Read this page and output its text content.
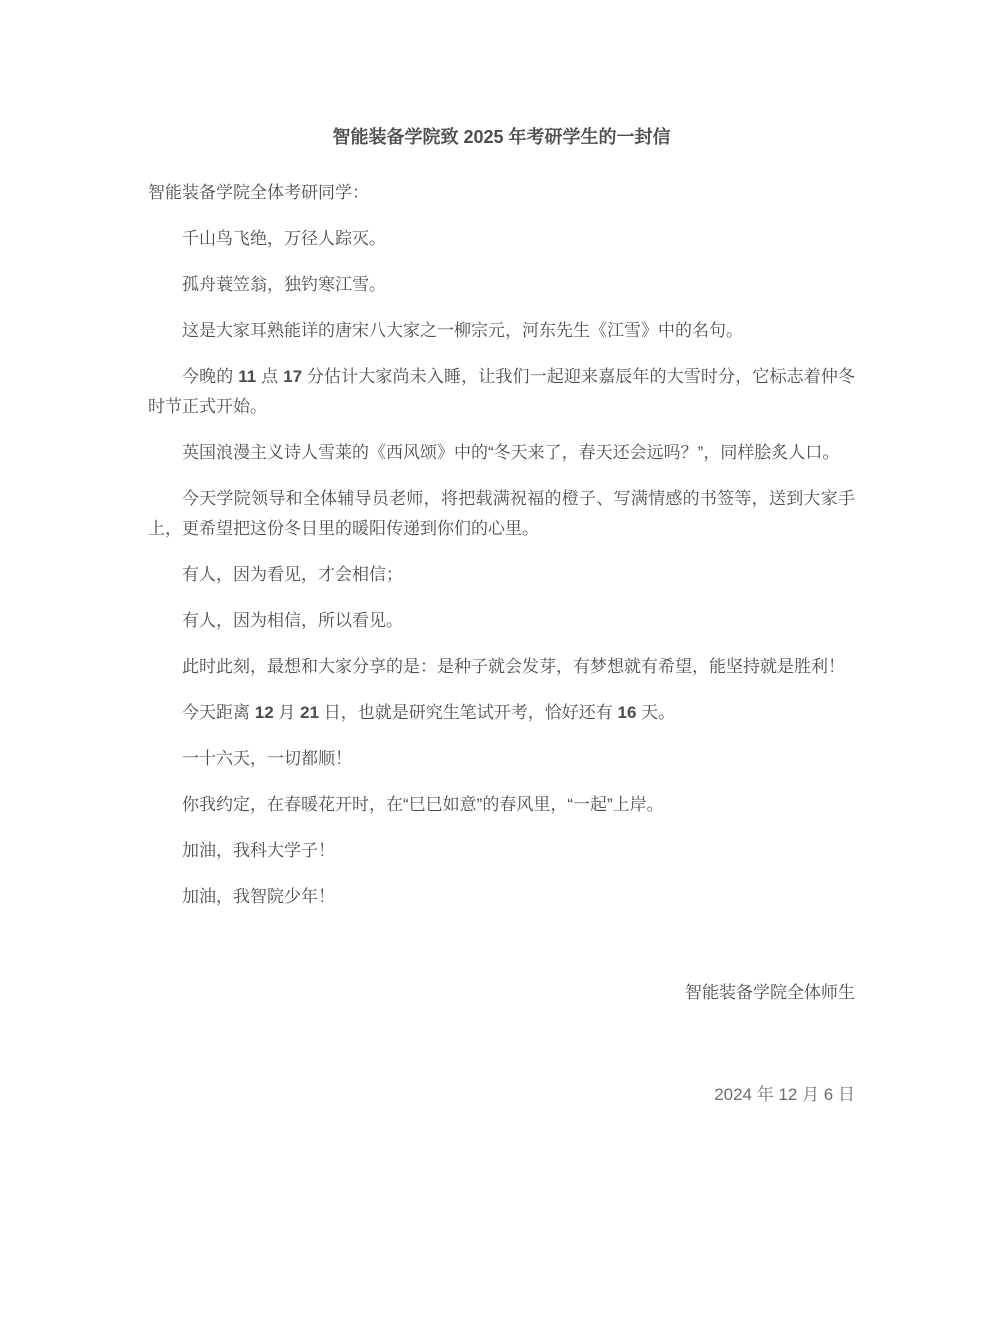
智能装备学院致 2025 年考研学生的一封信

智能装备学院全体考研同学：

千山鸟飞绝，万径人踪灭。

孤舟蓑笠翁，独钓寒江雪。

这是大家耳熟能详的唐宋八大家之一柳宗元，河东先生《江雪》中的名句。

今晚的 11 点 17 分估计大家尚未入睡，让我们一起迎来嘉辰年的大雪时分，它标志着仲冬时节正式开始。

英国浪漫主义诗人雪莱的《西风颂》中的“冬天来了，春天还会远吗？”，同样脍炙人口。

今天学院领导和全体辅导员老师，将把载满祝福的橙子、写满情感的书签等，送到大家手上，更希望把这份冬日里的暖阳传递到你们的心里。

有人，因为看见，才会相信；

有人，因为相信，所以看见。

此时此刻，最想和大家分享的是：是种子就会发芽，有梦想就有希望，能坚持就是胜利！

今天距离 12 月 21 日，也就是研究生笔试开考，恰好还有 16 天。

一十六天，一切都顺！

你我约定，在春暖花开时，在“巳巳如意”的春风里，“一起”上岸。

加油，我科大学子！

加油，我智院少年！

智能装备学院全体师生

2024 年 12 月 6 日
